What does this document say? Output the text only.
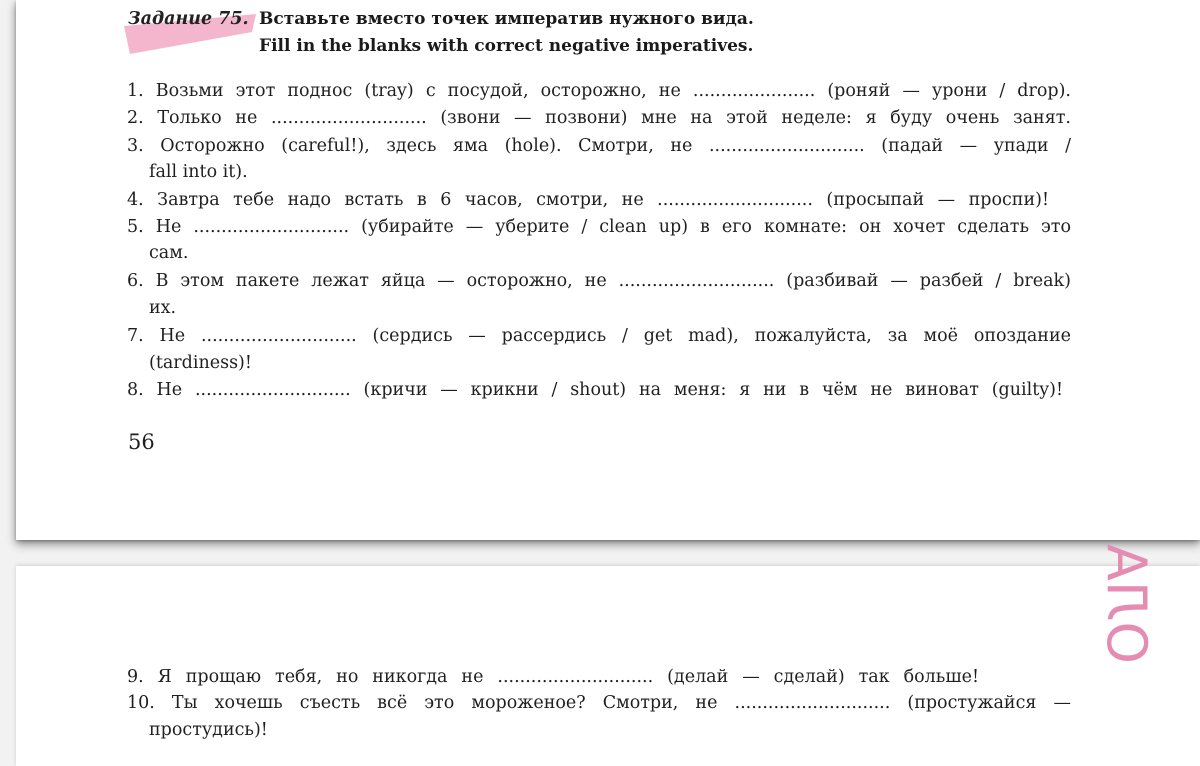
Задание 75. Вставьте вместо точек императив нужного вида.
Fill in the blanks with correct negative imperatives.
1. Возьми этот поднос (tray) с посудой, осторожно, не ...................... (роняй — урони / drop).
2. Только не ............................ (звони — позвони) мне на этой неделе: я буду очень занят.
3. Осторожно (careful!), здесь яма (hole). Смотри, не ............................ (падай — упади /
fall into it).
4. Завтра тебе надо встать в 6 часов, смотри, не ............................ (просыпай — проспи)!
5. Не ............................ (убирайте — уберите / clean up) в его комнате: он хочет сделать это
сам.
6. В этом пакете лежат яйца — осторожно, не ............................ (разбивай — разбей / break)
их.
7. Не ............................ (сердись — рассердись / get mad), пожалуйста, за моё опоздание
(tardiness)!
8. Не ............................ (кричи — крикни / shout) на меня: я ни в чём не виноват (guilty)!
56
9. Я прощаю тебя, но никогда не ............................ (делай — сделай) так больше!
10. Ты хочешь съесть всё это мороженое? Смотри, не ............................ (простужайся —
простудись)!
ОЛА
